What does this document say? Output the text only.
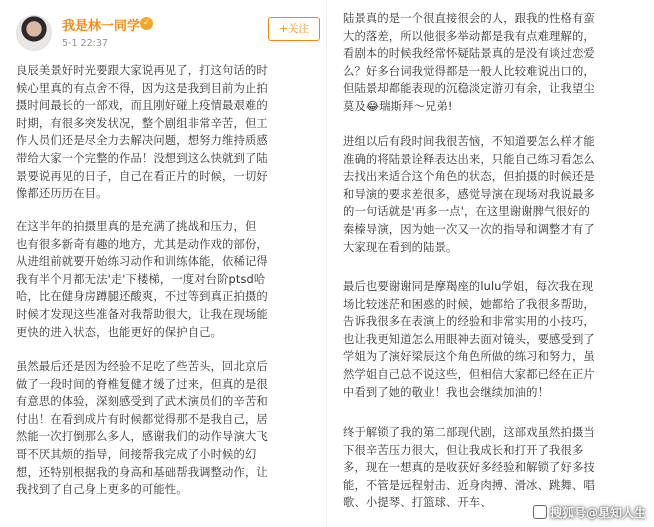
我是林一同学 ✓
5-1 22:37
+关注
良辰美景好时光要跟大家说再见了，打这句话的时
候心里真的有点舍不得，因为这是我到目前为止拍
摄时间最长的一部戏，而且刚好碰上疫情最艰难的
时期，有很多突发状况，整个剧组非常辛苦，但工
作人员们还是尽全力去解决问题，想努力维持质感
带给大家一个完整的作品！没想到这么快就到了陆
景要说再见的日子，自己在看正片的时候，一切好
像都还历历在目。
在这半年的拍摄里真的是充满了挑战和压力，但
也有很多新奇有趣的地方，尤其是动作戏的部份，
从进组前就要开始练习动作和训练体能，依稀记得
我有半个月都无法'走'下楼梯，一度对台阶ptsd哈
哈，比在健身房蹲腿还酸爽，不过等到真正拍摄的
时候才发现这些准备对我帮助很大，让我在现场能
更快的进入状态，也能更好的保护自己。
虽然最后还是因为经验不足吃了些苦头，回北京后
做了一段时间的脊椎复健才缓了过来，但真的是很
有意思的体验，深刻感受到了武术演员们的辛苦和
付出！在看到成片有时候都觉得那不是我自己，居
然能一次打倒那么多人，感谢我们的动作导演大飞
哥不厌其烦的指导，间接帮我完成了小时候的幻
想，还特别根据我的身高和基础帮我调整动作，让
我找到了自己身上更多的可能性。
陆景真的是一个很直接很会的人，跟我的性格有蛮
大的落差，所以他很多举动都是我有点难理解的，
看剧本的时候我经常怀疑陆景真的是没有谈过恋爱
么？好多台词我觉得都是一般人比较难说出口的，
但陆景却都能表现的沉稳淡定游刃有余，让我望尘
莫及😂瑞斯拜～兄弟!
进组以后有段时间我很苦恼，不知道要怎么样才能
准确的将陆景诠释表达出来，只能自己练习看怎么
去找出来适合这个角色的状态，但拍摄的时候还是
和导演的要求差很多，感觉导演在现场对我说最多
的一句话就是'再多一点'，在这里谢谢脾气很好的
秦榛导演，因为她一次又一次的指导和调整才有了
大家现在看到的陆景。
最后也要谢谢同是摩羯座的lulu学姐，每次我在现
场比较迷茫和困惑的时候，她都给了我很多帮助，
告诉我很多在表演上的经验和非常实用的小技巧，
也让我更知道怎么用眼神去面对镜头，要感受到了
学姐为了演好梁辰这个角色所做的练习和努力，虽
然学姐自己总不说这些，但相信大家都已经在正片
中看到了她的敬业！我也会继续加油的！
终于解锁了我的第二部现代剧，这部戏虽然拍摄当
下很辛苦压力很大，但让我成长和打开了我很多
多，现在一想真的是收获好多经验和解锁了好多技
能，不管是远程射击、近身肉搏、滑冰、跳舞、唱
歌、小提琴、打篮球、开车、
搜狐号@星知人生
